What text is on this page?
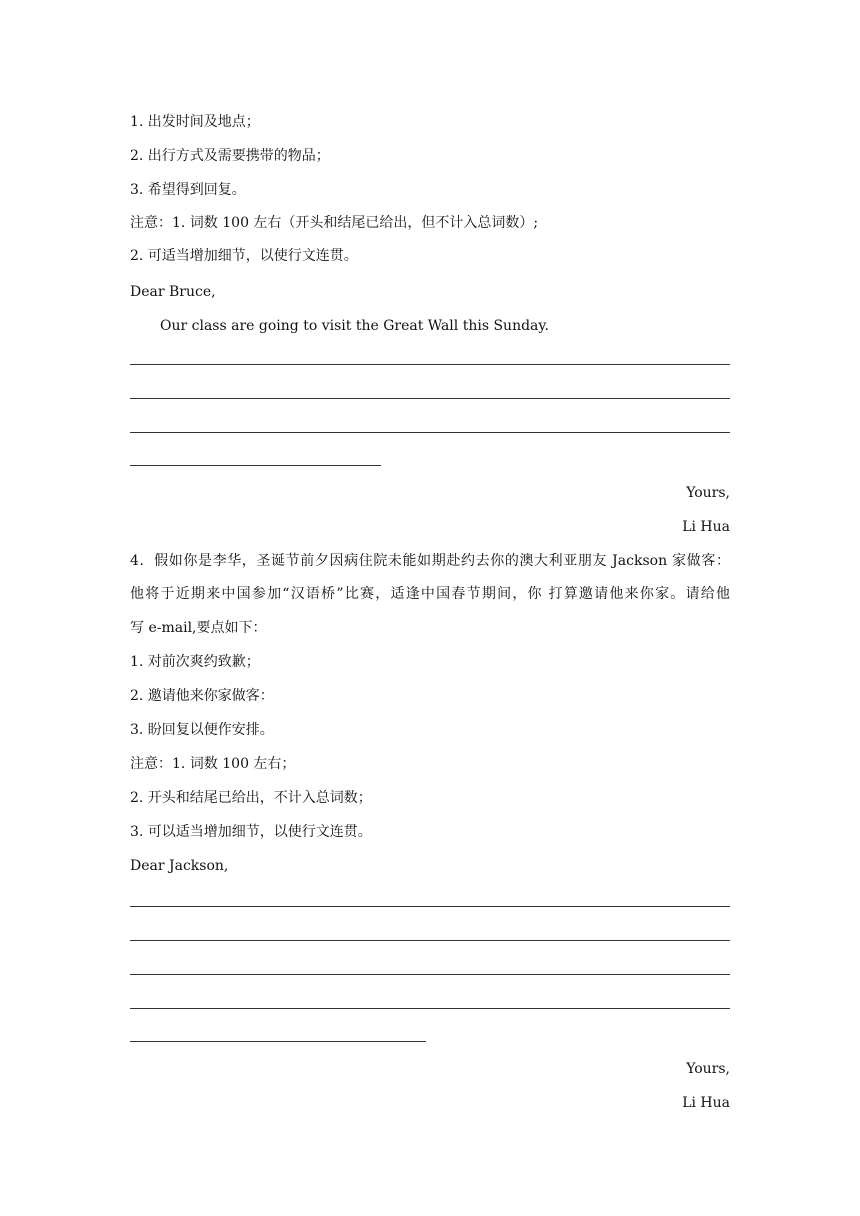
1. 出发时间及地点；
2. 出行方式及需要携带的物品；
3. 希望得到回复。
注意：1. 词数 100 左右（开头和结尾已给出，但不计入总词数）;
2. 可适当增加细节，以使行文连贯。
Dear Bruce,
Our class are going to visit the Great Wall this Sunday.
Yours,
Li Hua
4．假如你是李华，圣诞节前夕因病住院未能如期赴约去你的澳大利亚朋友 Jackson 家做客：
他将于近期来中国参加“汉语桥”比赛，适逢中国春节期间，你 打算邀请他来你家。请给他
写 e-mail,要点如下：
1. 对前次爽约致歉；
2. 邀请他来你家做客：
3. 盼回复以便作安排。
注意：1. 词数 100 左右；
2. 开头和结尾已给出，不计入总词数；
3. 可以适当增加细节，以使行文连贯。
Dear Jackson,
Yours,
Li Hua
